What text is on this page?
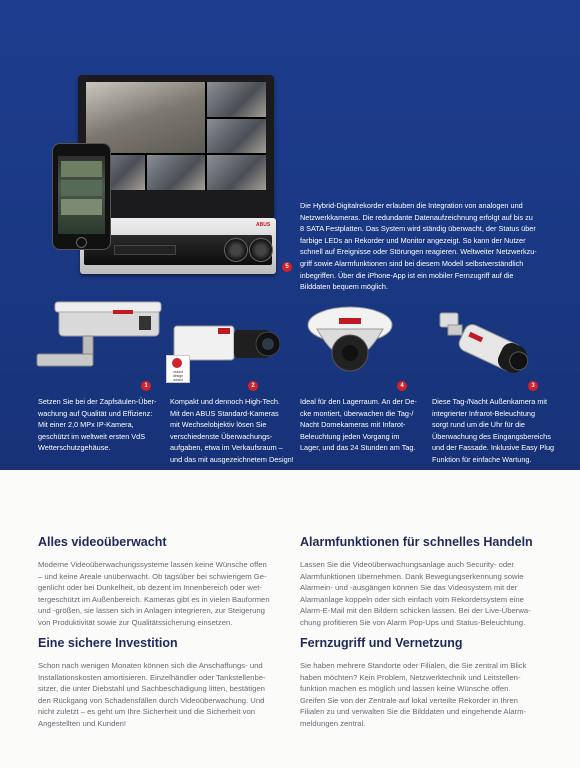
ABUS
5
Die Hybrid-Digitalrekorder erlauben die Integration von analogen und
Netzwerkkameras. Die redundante Datenaufzeichnung erfolgt auf bis zu
8 SATA Festplatten. Das System wird ständig überwacht, der Status über
farbige LEDs an Rekorder und Monitor angezeigt. So kann der Nutzer
schnell auf Ereignisse oder Störungen reagieren. Weltweiter Netzwerkzu-
griff sowie Alarmfunktionen sind bei diesem Modell selbstverständlich
inbegriffen. Über die iPhone-App ist ein mobiler Fernzugriff auf die
Bilddaten bequem möglich.
reddot design award
1	2	4	3
Setzen Sie bei der Zapfsäulen-Über-
wachung auf Qualität und Effizienz:
Mit einer 2,0 MPx IP-Kamera,
geschützt im weltweit ersten VdS
Wetterschutzgehäuse.
Kompakt und dennoch High-Tech.
Mit den ABUS Standard-Kameras
mit Wechselobjektiv lösen Sie
verschiedenste Überwachungs-
aufgaben, etwa im Verkaufsraum –
und das mit ausgezeichnetem Design!
Ideal für den Lagerraum. An der De-
cke montiert, überwachen die Tag-/
Nacht Domekameras mit Infarot-
Beleuchtung jeden Vorgang im
Lager, und das 24 Stunden am Tag.
Diese Tag-/Nacht Außenkamera mit
integrierter Infrarot-Beleuchtung
sorgt rund um die Uhr für die
Überwachung des Eingangsbereichs
und der Fassade. Inklusive Easy Plug
Funktion für einfache Wartung.
Alles videoüberwacht
Moderne Videoüberwachungssysteme lassen keine Wünsche offen
– und keine Areale unüberwacht. Ob tagsüber bei schwierigem Ge-
genlicht oder bei Dunkelheit, ob dezent im Innenbereich oder wet-
tergeschützt im Außenbereich. Kameras gibt es in vielen Bauformen
und -größen, sie lassen sich in Anlagen integrieren, zur Steigerung
von Produktivität sowie zur Qualitätssicherung einsetzen.
Eine sichere Investition
Schon nach wenigen Monaten können sich die Anschaffungs- und
Installationskosten amortisieren. Einzelhändler oder Tankstellenbe-
sitzer, die unter Diebstahl und Sachbeschädigung litten, bestätigen
den Rückgang von Schadensfällen durch Videoüberwachung. Und
nicht zuletzt – es geht um Ihre Sicherheit und die Sicherheit von
Angestellten und Kunden!
Alarmfunktionen für schnelles Handeln
Lassen Sie die Videoüberwachungsanlage auch Security- oder
Alarmfunktionen übernehmen. Dank Bewegungserkennung sowie
Alarmein- und -ausgängen können Sie das Videosystem mit der
Alarmanlage koppeln oder sich einfach vom Rekordersystem eine
Alarm-E-Mail mit den Bildern schicken lassen. Bei der Live-Überwa-
chung profitieren Sie von Alarm Pop-Ups und Status-Beleuchtung.
Fernzugriff und Vernetzung
Sie haben mehrere Standorte oder Filialen, die Sie zentral im Blick
haben möchten? Kein Problem, Netzwerktechnik und Leitstellen-
funktion machen es möglich und lassen keine Wünsche offen.
Greifen Sie von der Zentrale auf lokal verteilte Rekorder in Ihren
Filialen zu und verwalten Sie die Bilddaten und eingehende Alarm-
meldungen zentral.
